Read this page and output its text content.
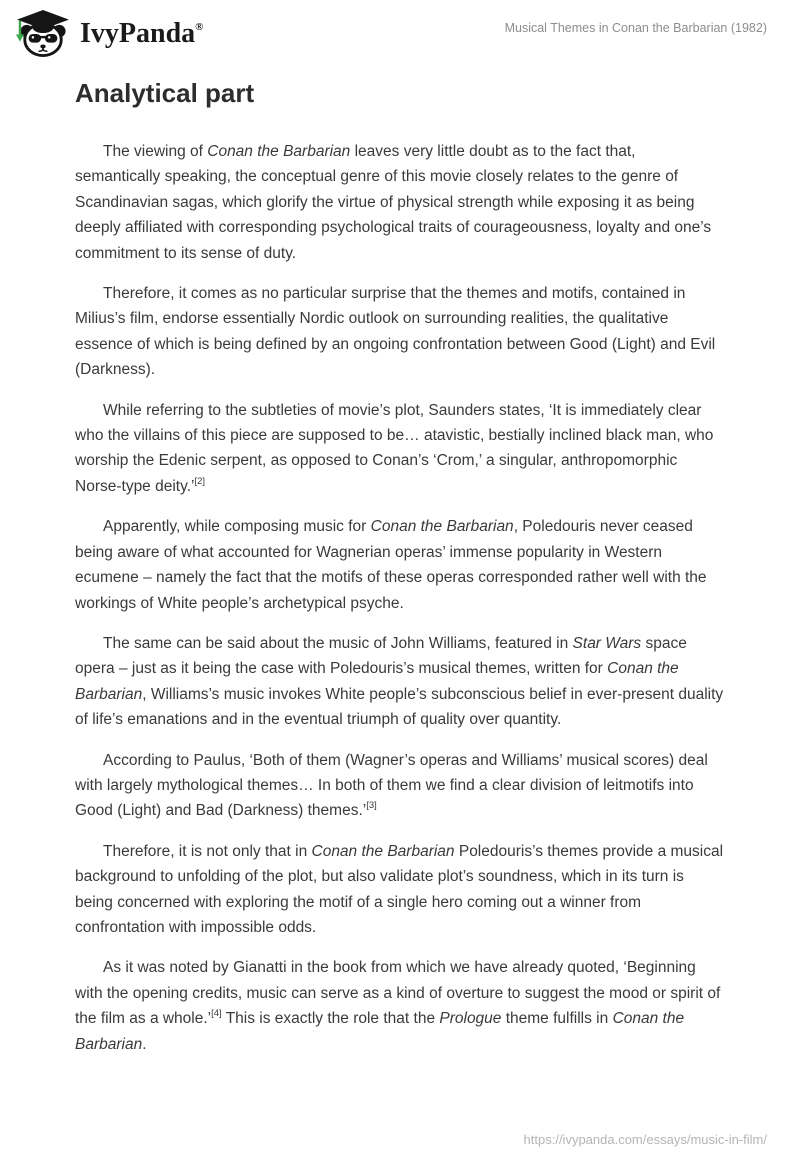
IvyPanda®	Musical Themes in Conan the Barbarian (1982)
Analytical part

The viewing of Conan the Barbarian leaves very little doubt as to the fact that, semantically speaking, the conceptual genre of this movie closely relates to the genre of Scandinavian sagas, which glorify the virtue of physical strength while exposing it as being deeply affiliated with corresponding psychological traits of courageousness, loyalty and one’s commitment to its sense of duty.

Therefore, it comes as no particular surprise that the themes and motifs, contained in Milius’s film, endorse essentially Nordic outlook on surrounding realities, the qualitative essence of which is being defined by an ongoing confrontation between Good (Light) and Evil (Darkness).

While referring to the subtleties of movie’s plot, Saunders states, ‘It is immediately clear who the villains of this piece are supposed to be… atavistic, bestially inclined black man, who worship the Edenic serpent, as opposed to Conan’s ‘Crom,’ a singular, anthropomorphic Norse-type deity.’[2]

Apparently, while composing music for Conan the Barbarian, Poledouris never ceased being aware of what accounted for Wagnerian operas’ immense popularity in Western ecumene – namely the fact that the motifs of these operas corresponded rather well with the workings of White people’s archetypical psyche.

The same can be said about the music of John Williams, featured in Star Wars space opera – just as it being the case with Poledouris’s musical themes, written for Conan the Barbarian, Williams’s music invokes White people’s subconscious belief in ever-present duality of life’s emanations and in the eventual triumph of quality over quantity.

According to Paulus, ‘Both of them (Wagner’s operas and Williams’ musical scores) deal with largely mythological themes… In both of them we find a clear division of leitmotifs into Good (Light) and Bad (Darkness) themes.’[3]

Therefore, it is not only that in Conan the Barbarian Poledouris’s themes provide a musical background to unfolding of the plot, but also validate plot’s soundness, which in its turn is being concerned with exploring the motif of a single hero coming out a winner from confrontation with impossible odds.

As it was noted by Gianatti in the book from which we have already quoted, ‘Beginning with the opening credits, music can serve as a kind of overture to suggest the mood or spirit of the film as a whole.’[4] This is exactly the role that the Prologue theme fulfills in Conan the Barbarian.

https://ivypanda.com/essays/music-in-film/
